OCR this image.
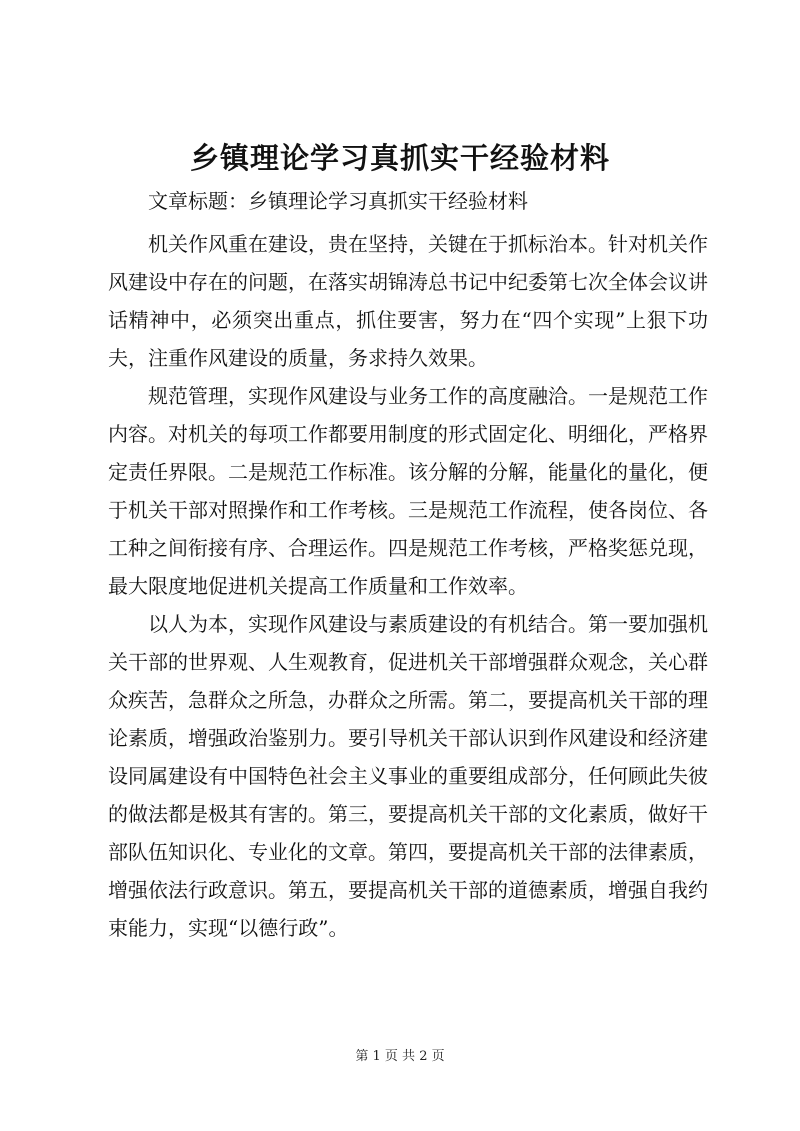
乡镇理论学习真抓实干经验材料

文章标题：乡镇理论学习真抓实干经验材料

机关作风重在建设，贵在坚持，关键在于抓标治本。针对机关作风建设中存在的问题，在落实胡锦涛总书记中纪委第七次全体会议讲话精神中，必须突出重点，抓住要害，努力在“四个实现”上狠下功夫，注重作风建设的质量，务求持久效果。

规范管理，实现作风建设与业务工作的高度融洽。一是规范工作内容。对机关的每项工作都要用制度的形式固定化、明细化，严格界定责任界限。二是规范工作标准。该分解的分解，能量化的量化，便于机关干部对照操作和工作考核。三是规范工作流程，使各岗位、各工种之间衔接有序、合理运作。四是规范工作考核，严格奖惩兑现，最大限度地促进机关提高工作质量和工作效率。

以人为本，实现作风建设与素质建设的有机结合。第一要加强机关干部的世界观、人生观教育，促进机关干部增强群众观念，关心群众疾苦，急群众之所急，办群众之所需。第二，要提高机关干部的理论素质，增强政治鉴别力。要引导机关干部认识到作风建设和经济建设同属建设有中国特色社会主义事业的重要组成部分，任何顾此失彼的做法都是极其有害的。第三，要提高机关干部的文化素质，做好干部队伍知识化、专业化的文章。第四，要提高机关干部的法律素质，增强依法行政意识。第五，要提高机关干部的道德素质，增强自我约束能力，实现“以德行政”。

第 1 页 共 2 页
